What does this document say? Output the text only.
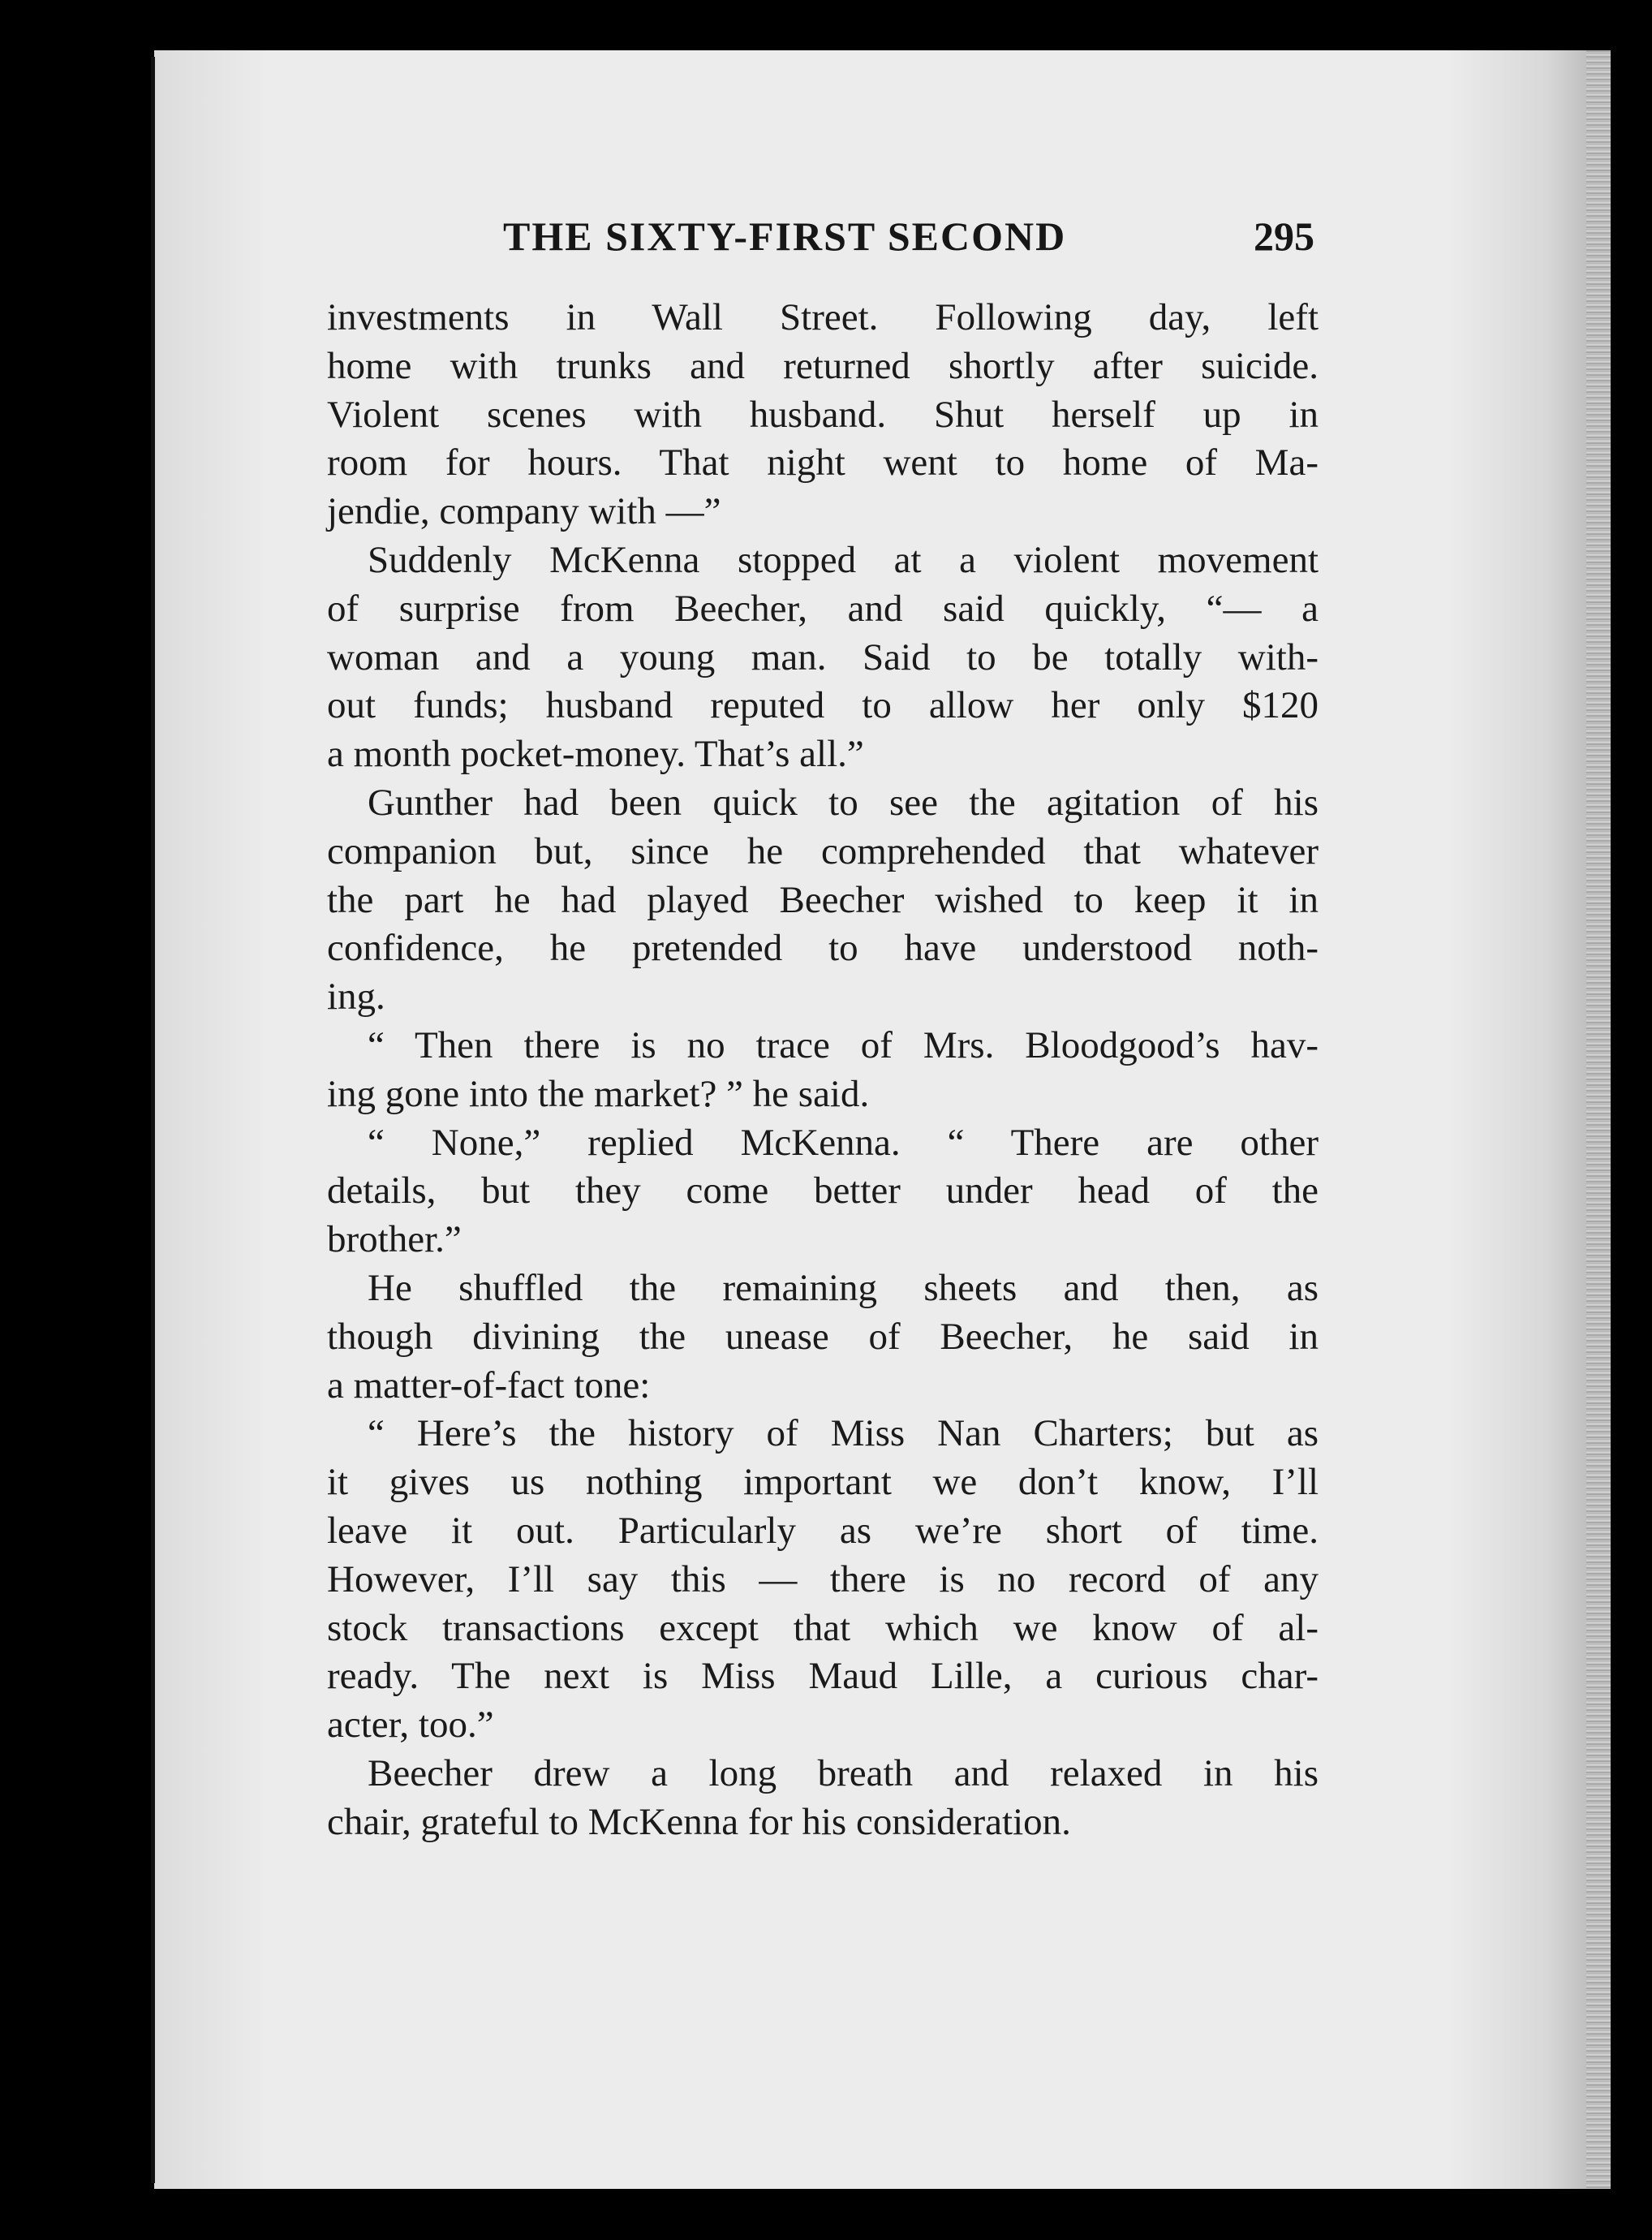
THE SIXTY-FIRST SECOND	295
investments in Wall Street. Following day, left
home with trunks and returned shortly after suicide.
Violent scenes with husband. Shut herself up in
room for hours. That night went to home of Ma-
jendie, company with —”
Suddenly McKenna stopped at a violent movement
of surprise from Beecher, and said quickly, “— a
woman and a young man. Said to be totally with-
out funds; husband reputed to allow her only $120
a month pocket-money. That’s all.”
Gunther had been quick to see the agitation of his
companion but, since he comprehended that whatever
the part he had played Beecher wished to keep it in
confidence, he pretended to have understood noth-
ing.
“ Then there is no trace of Mrs. Bloodgood’s hav-
ing gone into the market? ” he said.
“ None,” replied McKenna. “ There are other
details, but they come better under head of the
brother.”
He shuffled the remaining sheets and then, as
though divining the unease of Beecher, he said in
a matter-of-fact tone:
“ Here’s the history of Miss Nan Charters; but as
it gives us nothing important we don’t know, I’ll
leave it out. Particularly as we’re short of time.
However, I’ll say this — there is no record of any
stock transactions except that which we know of al-
ready. The next is Miss Maud Lille, a curious char-
acter, too.”
Beecher drew a long breath and relaxed in his
chair, grateful to McKenna for his consideration.
